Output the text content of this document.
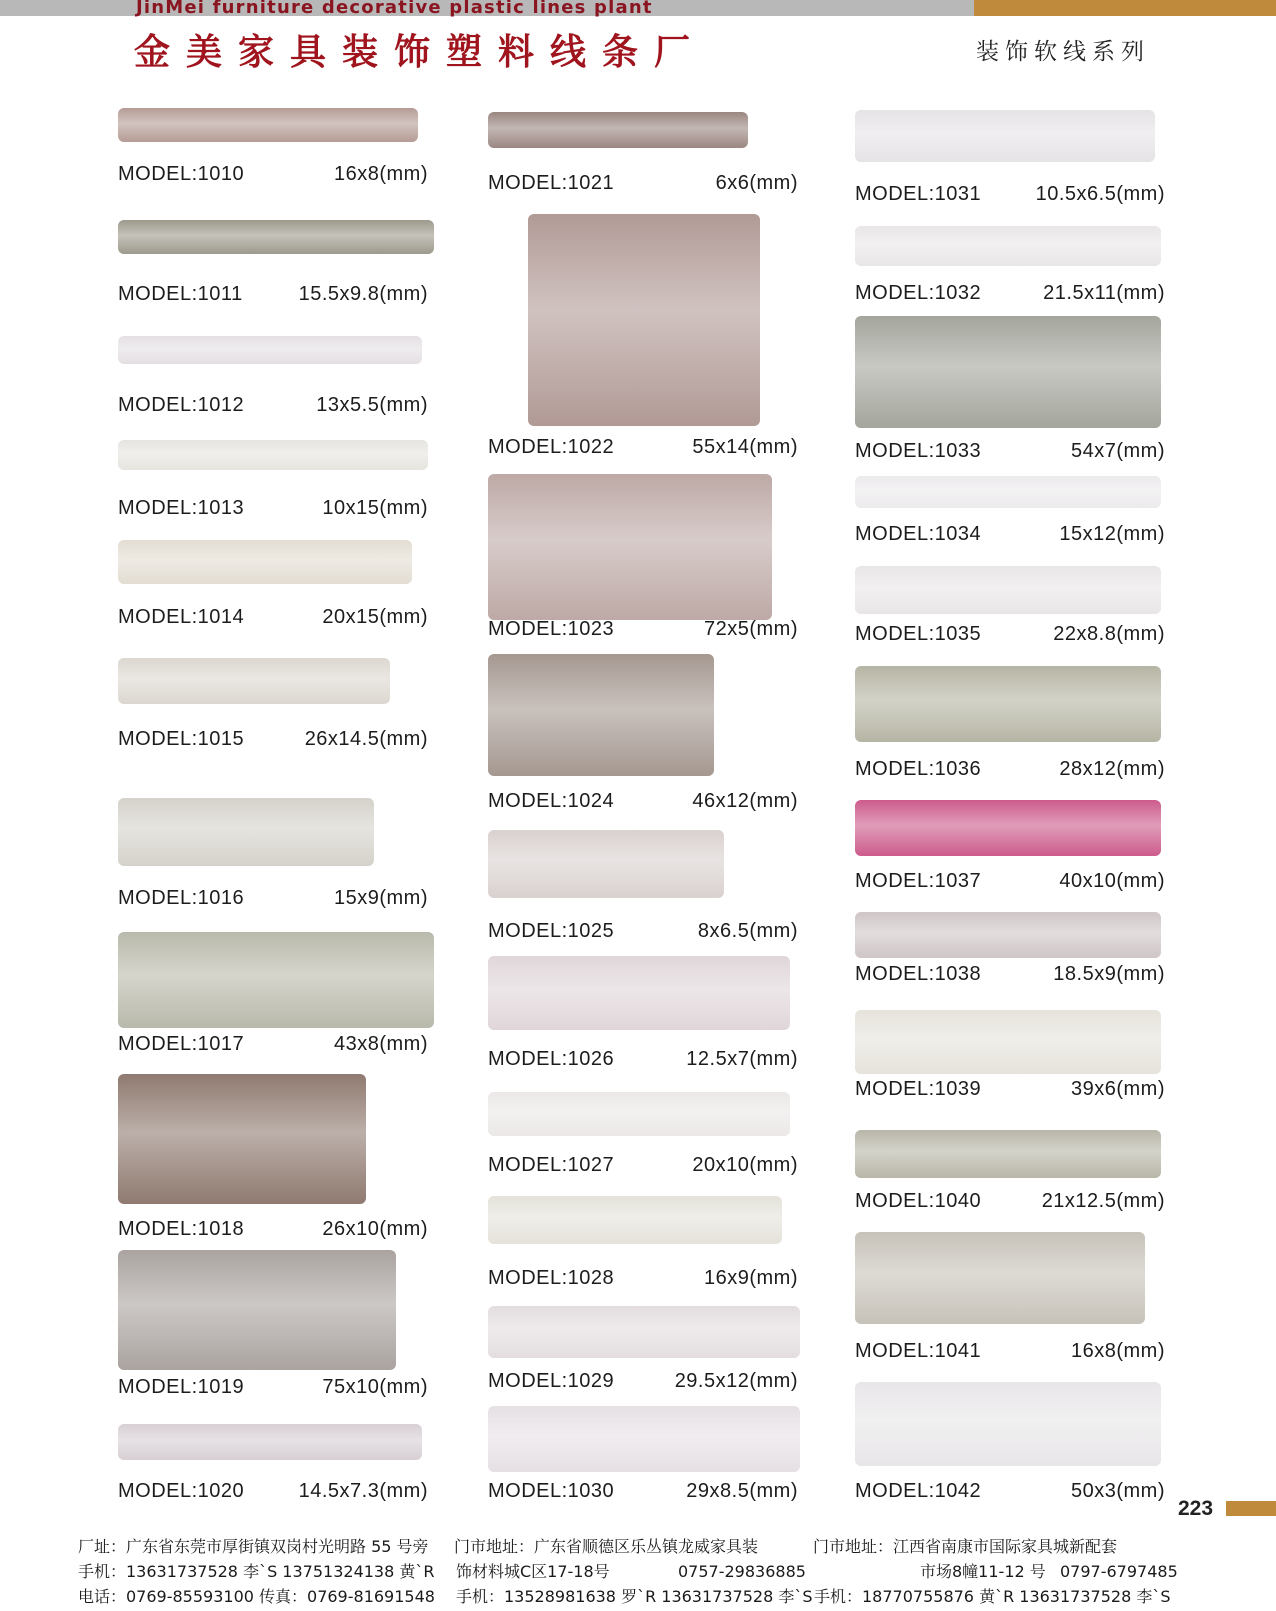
JinMei furniture decorative plastic lines plant
金美家具装饰塑料线条厂	装饰软线系列
MODEL:1010	16x8(mm)
MODEL:1011	15.5x9.8(mm)
MODEL:1012	13x5.5(mm)
MODEL:1013	10x15(mm)
MODEL:1014	20x15(mm)
MODEL:1015	26x14.5(mm)
MODEL:1016	15x9(mm)
MODEL:1017	43x8(mm)
MODEL:1018	26x10(mm)
MODEL:1019	75x10(mm)
MODEL:1020	14.5x7.3(mm)
MODEL:1021	6x6(mm)
MODEL:1022	55x14(mm)
MODEL:1023	72x5(mm)
MODEL:1024	46x12(mm)
MODEL:1025	8x6.5(mm)
MODEL:1026	12.5x7(mm)
MODEL:1027	20x10(mm)
MODEL:1028	16x9(mm)
MODEL:1029	29.5x12(mm)
MODEL:1030	29x8.5(mm)
MODEL:1031	10.5x6.5(mm)
MODEL:1032	21.5x11(mm)
MODEL:1033	54x7(mm)
MODEL:1034	15x12(mm)
MODEL:1035	22x8.8(mm)
MODEL:1036	28x12(mm)
MODEL:1037	40x10(mm)
MODEL:1038	18.5x9(mm)
MODEL:1039	39x6(mm)
MODEL:1040	21x12.5(mm)
MODEL:1041	16x8(mm)
MODEL:1042	50x3(mm)
223
厂址：广东省东莞市厚街镇双岗村光明路 55 号旁 门市地址：广东省顺德区乐丛镇龙威家具装	门市地址：江西省南康市国际家具城新配套
手机：13631737528 李`S 13751324138 黄`R 饰材料城C区17-18号	0757-29836885	市场8幢11-12 号 0797-6797485
电话：0769-85593100 传真：0769-81691548 手机：13528981638 罗`R 13631737528 李`S 手机：18770755876 黄`R 13631737528 李`S
